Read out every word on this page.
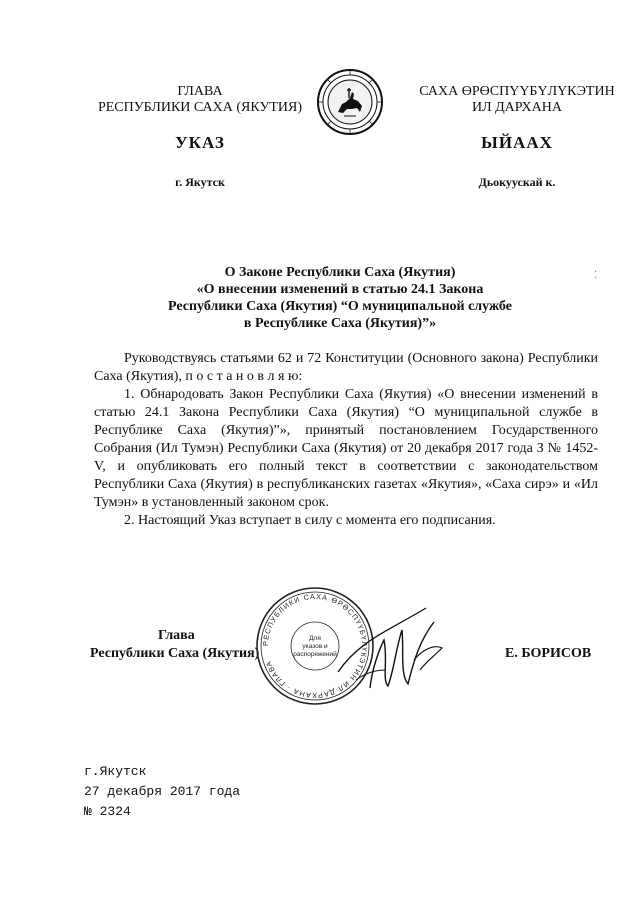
ГЛАВА
РЕСПУБЛИКИ САХА (ЯКУТИЯ)
САХА ӨРӨСПҮҮБҮЛҮКЭТИН
ИЛ ДАРХАНА
УКАЗ	ЫЙААХ
г. Якутск	Дьокуускай к.
⁚
О Законе Республики Саха (Якутия)
«О внесении изменений в статью 24.1 Закона
Республики Саха (Якутия) “О муниципальной службе
в Республике Саха (Якутия)”»

Руководствуясь статьями 62 и 72 Конституции (Основного закона) Республики Саха (Якутия), п о с т а н о в л я ю:

1. Обнародовать Закон Республики Саха (Якутия) «О внесении изменений в статью 24.1 Закона Республики Саха (Якутия) “О муниципальной службе в Республике Саха (Якутия)”», принятый постановлением Государственного Собрания (Ил Тумэн) Республики Саха (Якутия) от 20 декабря 2017 года З № 1452-V, и опубликовать его полный текст в соответствии с законодательством Республики Саха (Якутия) в республиканских газетах «Якутия», «Саха сирэ» и «Ил Тумэн» в установленный законом срок.

2. Настоящий Указ вступает в силу с момента его подписания.

Глава
Республики Саха (Якутия)
РЕСПУБЛИКИ САХА ӨРӨСПҮҮБҮЛҮКЭТИН ИЛ ДАРХАНА · ГЛАВА
Для
указов и
распоряжений	Е. БОРИСОВ
г.Якутск
27 декабря 2017 года
№ 2324
